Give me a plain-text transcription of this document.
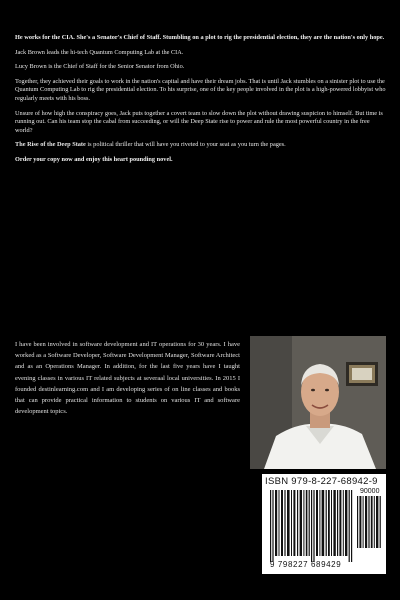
He works for the CIA. She's a Senator's Chief of Staff. Stumbling on a plot to rig the presidential election, they are the nation's only hope.

Jack Brown leads the hi-tech Quantum Computing Lab at the CIA.

Lucy Brown is the Chief of Staff for the Senior Senator from Ohio.

Together, they achieved their goals to work in the nation's capital and have their dream jobs. That is until Jack stumbles on a sinister plot to use the Quantum Computing Lab to rig the presidential election. To his surprise, one of the key people involved in the plot is a high-powered lobbyist who regularly meets with his boss.

Unsure of how high the conspiracy goes, Jack puts together a covert team to slow down the plot without drawing suspicion to himself. But time is running out. Can his team stop the cabal from succeeding, or will the Deep State rise to power and rule the most powerful country in the free world?

The Rise of the Deep State is political thriller that will have you riveted to your seat as you turn the pages.

Order your copy now and enjoy this heart pounding novel.

I have been involved in software development and IT operations for 30 years. I have worked as a Software Developer, Software Development Manager, Software Architect and as an Operations Manager. In addition, for the last five years have I taught evening classes in various IT related subjects at severaal local universities. In 2015 I founded destinlearning.com and I am developing series of on line classes and books that can provide practical information to students on various IT and software development topics.
ISBN 979-8-227-68942-9
90000
9 798227 689429
